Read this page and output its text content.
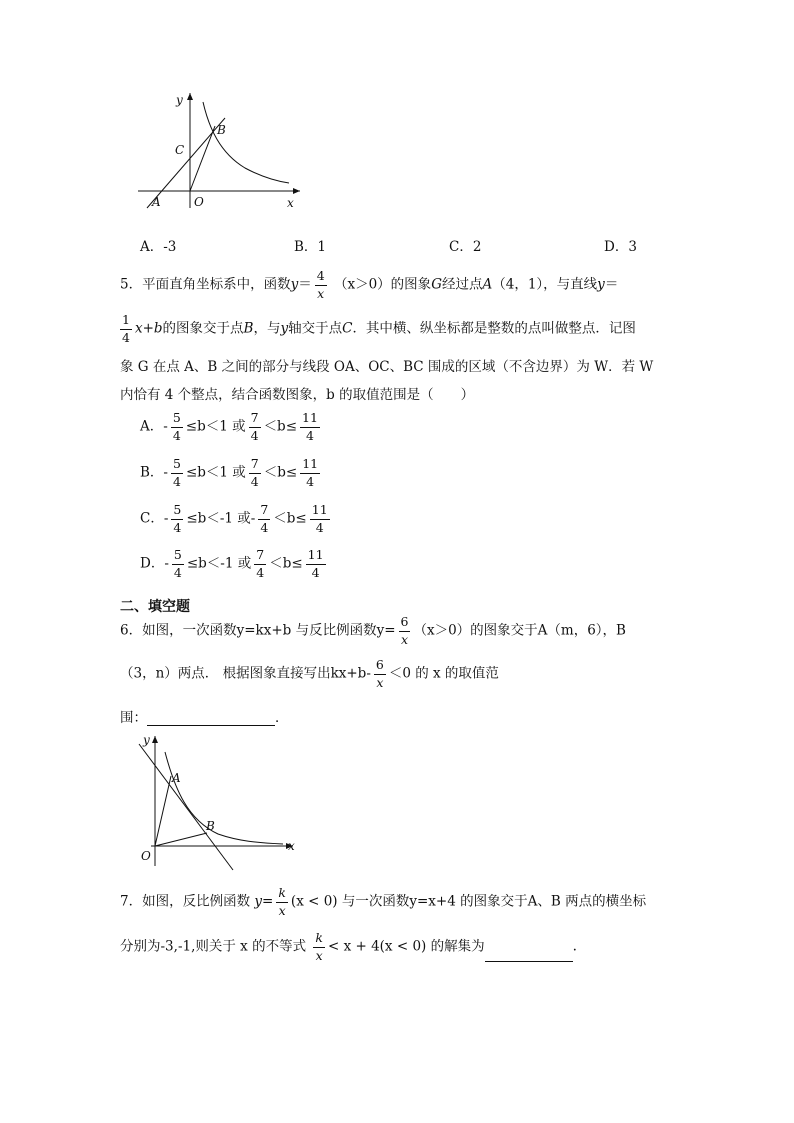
y
x
O
A
B
C
A．-3	B．1	C．2	D．3
5．平面直角坐标系中，函数$y= \frac{4}{x} (x>0)$的图象G经过点A（4，1），与直线y＝
$\frac{1}{4} x+b$的图象交于点B，与y轴交于点C．其中横、纵坐标都是整数的点叫做整点．记图
象 G 在点 A、B 之间的部分与线段 OA、OC、BC 围成的区域（不含边界）为 W．若 W
内恰有 4 个整点，结合函数图象，b 的取值范围是（　　）
A．- $\frac{5}{4} \le b<1$ 或 $\frac{7}{4} <b\le \frac{11}{4}$
B．- $\frac{5}{4} \le b<1$ 或 $\frac{7}{4} <b\le \frac{11}{4}$
C．- $\frac{5}{4} \le b<-1$ 或- $\frac{7}{4} <b\le \frac{11}{4}$
D．- $\frac{5}{4} \le b<-1$ 或 $\frac{7}{4} <b\le \frac{11}{4}$
二、填空题
6．如图，一次函数y=kx+b 与反比例函数$y= \frac{6}{x} (x>0)$的图象交于A（m，6），B
（3，n）两点． 根据图象直接写出$kx+b- \frac{6}{x} <0$ 的 x 的取值范
围：	．
y
x
O
A
B
7．如图，反比例函数 $y= \frac{k}{x} (x < 0)$ 与一次函数y=x+4 的图象交于A、B 两点的横坐标
分别为-3,-1,则关于 x 的不等式 $\frac{k}{x} < x + 4(x < 0)$ 的解集为	.
